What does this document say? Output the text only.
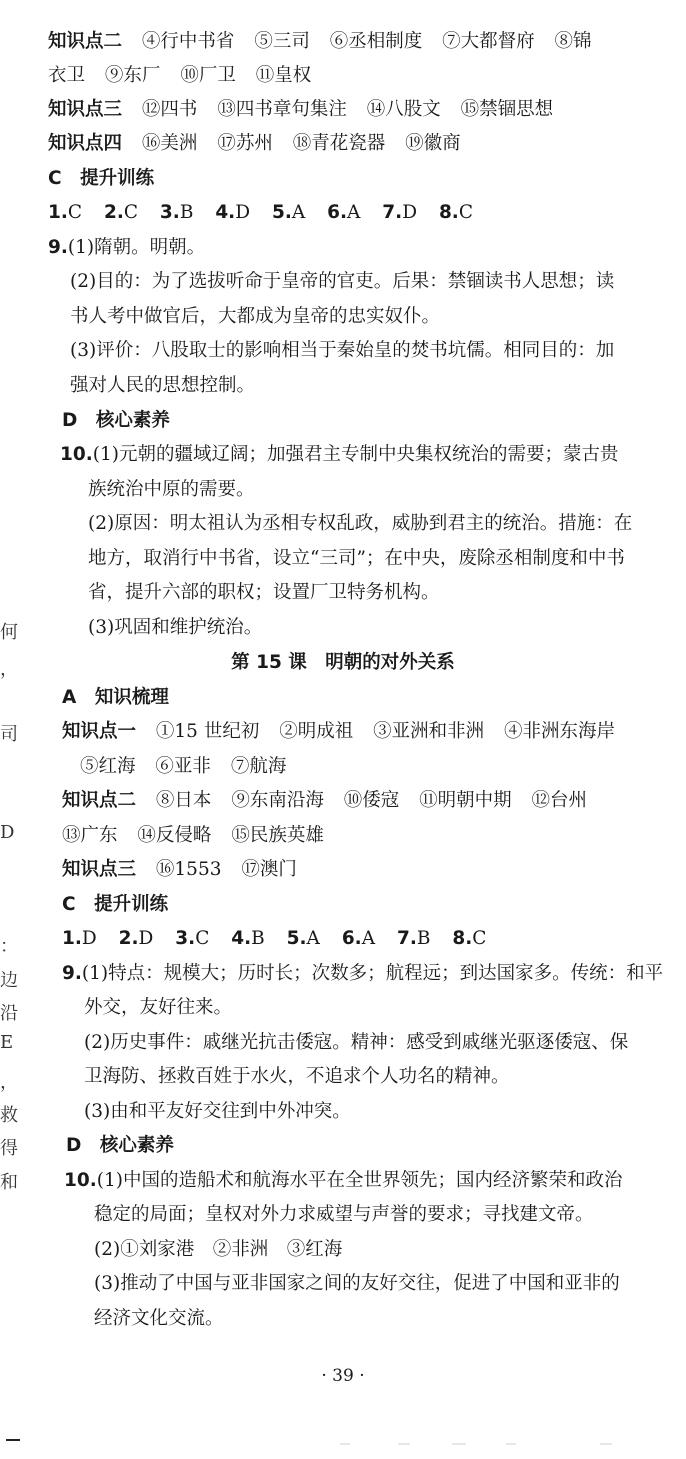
何
，
司
D
：
边
沿
E
，
救
得
和
知识点二 ④行中书省 ⑤三司 ⑥丞相制度 ⑦大都督府 ⑧锦
衣卫 ⑨东厂 ⑩厂卫 ⑪皇权
知识点三 ⑫四书 ⑬四书章句集注 ⑭八股文 ⑮禁锢思想
知识点四 ⑯美洲 ⑰苏州 ⑱青花瓷器 ⑲徽商
C　提升训练
1.C 2.C 3.B 4.D 5.A 6.A 7.D 8.C
9.(1)隋朝。明朝。
(2)目的：为了选拔听命于皇帝的官吏。后果：禁锢读书人思想；读
书人考中做官后，大都成为皇帝的忠实奴仆。
(3)评价：八股取士的影响相当于秦始皇的焚书坑儒。相同目的：加
强对人民的思想控制。
D　核心素养
10.(1)元朝的疆域辽阔；加强君主专制中央集权统治的需要；蒙古贵
族统治中原的需要。
(2)原因：明太祖认为丞相专权乱政，威胁到君主的统治。措施：在
地方，取消行中书省，设立“三司”；在中央，废除丞相制度和中书
省，提升六部的职权；设置厂卫特务机构。
(3)巩固和维护统治。
第 15 课　明朝的对外关系
A　知识梳理
知识点一 ①15 世纪初 ②明成祖 ③亚洲和非洲 ④非洲东海岸
⑤红海 ⑥亚非 ⑦航海
知识点二 ⑧日本 ⑨东南沿海 ⑩倭寇 ⑪明朝中期 ⑫台州
⑬广东 ⑭反侵略 ⑮民族英雄
知识点三 ⑯1553 ⑰澳门
C　提升训练
1.D 2.D 3.C 4.B 5.A 6.A 7.B 8.C
9.(1)特点：规模大；历时长；次数多；航程远；到达国家多。传统：和平
外交，友好往来。
(2)历史事件：戚继光抗击倭寇。精神：感受到戚继光驱逐倭寇、保
卫海防、拯救百姓于水火，不追求个人功名的精神。
(3)由和平友好交往到中外冲突。
D　核心素养
10.(1)中国的造船术和航海水平在全世界领先；国内经济繁荣和政治
稳定的局面；皇权对外力求威望与声誉的要求；寻找建文帝。
(2)①刘家港　②非洲　③红海
(3)推动了中国与亚非国家之间的友好交往，促进了中国和亚非的
经济文化交流。
· 39 ·
